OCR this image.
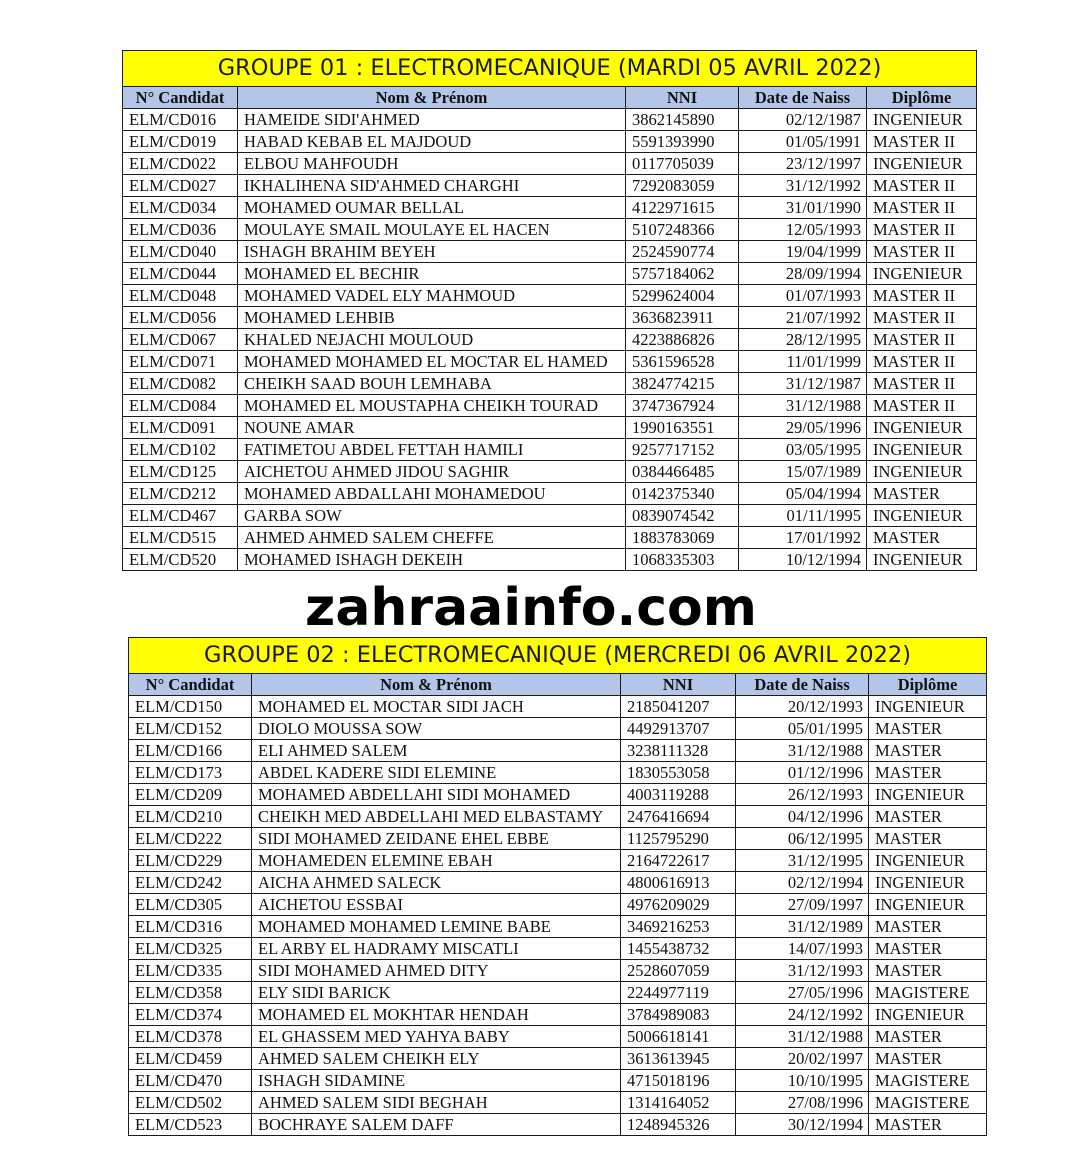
GROUPE 01 : ELECTROMECANIQUE (MARDI 05 AVRIL 2022)				
N° Candidat	Nom & Prénom	NNI	Date de Naiss	Diplôme
ELM/CD016	HAMEIDE SIDI'AHMED	3862145890	02/12/1987	INGENIEUR
ELM/CD019	HABAD KEBAB EL MAJDOUD	5591393990	01/05/1991	MASTER II
ELM/CD022	ELBOU MAHFOUDH	0117705039	23/12/1997	INGENIEUR
ELM/CD027	IKHALIHENA SID'AHMED CHARGHI	7292083059	31/12/1992	MASTER II
ELM/CD034	MOHAMED OUMAR BELLAL	4122971615	31/01/1990	MASTER II
ELM/CD036	MOULAYE SMAIL MOULAYE EL HACEN	5107248366	12/05/1993	MASTER II
ELM/CD040	ISHAGH BRAHIM BEYEH	2524590774	19/04/1999	MASTER II
ELM/CD044	MOHAMED EL BECHIR	5757184062	28/09/1994	INGENIEUR
ELM/CD048	MOHAMED VADEL ELY MAHMOUD	5299624004	01/07/1993	MASTER II
ELM/CD056	MOHAMED LEHBIB	3636823911	21/07/1992	MASTER II
ELM/CD067	KHALED NEJACHI MOULOUD	4223886826	28/12/1995	MASTER II
ELM/CD071	MOHAMED MOHAMED EL MOCTAR EL HAMED	5361596528	11/01/1999	MASTER II
ELM/CD082	CHEIKH SAAD BOUH LEMHABA	3824774215	31/12/1987	MASTER II
ELM/CD084	MOHAMED EL MOUSTAPHA CHEIKH TOURAD	3747367924	31/12/1988	MASTER II
ELM/CD091	NOUNE AMAR	1990163551	29/05/1996	INGENIEUR
ELM/CD102	FATIMETOU ABDEL FETTAH HAMILI	9257717152	03/05/1995	INGENIEUR
ELM/CD125	AICHETOU AHMED JIDOU SAGHIR	0384466485	15/07/1989	INGENIEUR
ELM/CD212	MOHAMED ABDALLAHI MOHAMEDOU	0142375340	05/04/1994	MASTER
ELM/CD467	GARBA SOW	0839074542	01/11/1995	INGENIEUR
ELM/CD515	AHMED AHMED SALEM CHEFFE	1883783069	17/01/1992	MASTER
ELM/CD520	MOHAMED ISHAGH DEKEIH	1068335303	10/12/1994	INGENIEUR
zahraainfo.com
GROUPE 02 : ELECTROMECANIQUE (MERCREDI 06 AVRIL 2022)				
N° Candidat	Nom & Prénom	NNI	Date de Naiss	Diplôme
ELM/CD150	MOHAMED EL MOCTAR SIDI JACH	2185041207	20/12/1993	INGENIEUR
ELM/CD152	DIOLO MOUSSA SOW	4492913707	05/01/1995	MASTER
ELM/CD166	ELI AHMED SALEM	3238111328	31/12/1988	MASTER
ELM/CD173	ABDEL KADERE SIDI ELEMINE	1830553058	01/12/1996	MASTER
ELM/CD209	MOHAMED ABDELLAHI SIDI MOHAMED	4003119288	26/12/1993	INGENIEUR
ELM/CD210	CHEIKH MED ABDELLAHI MED ELBASTAMY	2476416694	04/12/1996	MASTER
ELM/CD222	SIDI MOHAMED ZEIDANE EHEL EBBE	1125795290	06/12/1995	MASTER
ELM/CD229	MOHAMEDEN ELEMINE EBAH	2164722617	31/12/1995	INGENIEUR
ELM/CD242	AICHA AHMED SALECK	4800616913	02/12/1994	INGENIEUR
ELM/CD305	AICHETOU ESSBAI	4976209029	27/09/1997	INGENIEUR
ELM/CD316	MOHAMED MOHAMED LEMINE BABE	3469216253	31/12/1989	MASTER
ELM/CD325	EL ARBY EL HADRAMY MISCATLI	1455438732	14/07/1993	MASTER
ELM/CD335	SIDI MOHAMED AHMED DITY	2528607059	31/12/1993	MASTER
ELM/CD358	ELY SIDI BARICK	2244977119	27/05/1996	MAGISTERE
ELM/CD374	MOHAMED EL MOKHTAR HENDAH	3784989083	24/12/1992	INGENIEUR
ELM/CD378	EL GHASSEM MED YAHYA BABY	5006618141	31/12/1988	MASTER
ELM/CD459	AHMED SALEM CHEIKH ELY	3613613945	20/02/1997	MASTER
ELM/CD470	ISHAGH SIDAMINE	4715018196	10/10/1995	MAGISTERE
ELM/CD502	AHMED SALEM SIDI BEGHAH	1314164052	27/08/1996	MAGISTERE
ELM/CD523	BOCHRAYE SALEM DAFF	1248945326	30/12/1994	MASTER
